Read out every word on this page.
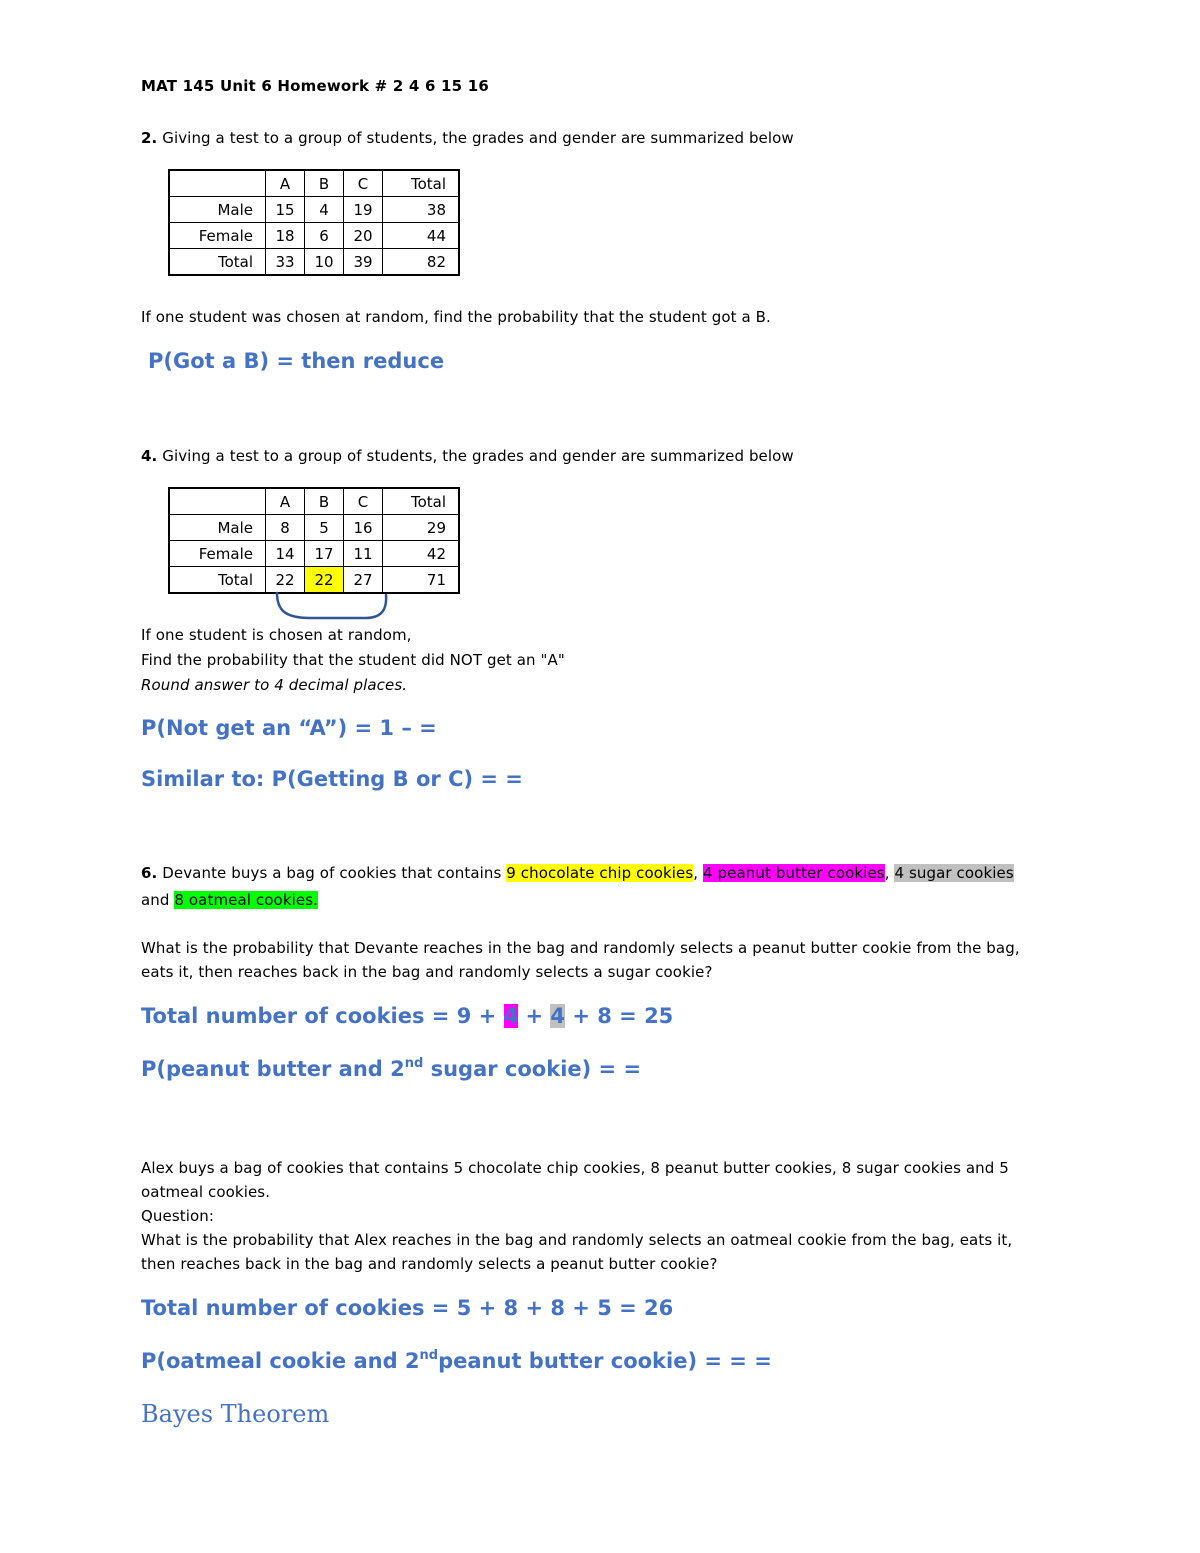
MAT 145 Unit 6 Homework # 2 4 6 15 16
2. Giving a test to a group of students, the grades and gender are summarized below
	A	B	C	Total
Male	15	4	19	38
Female	18	6	20	44
Total	33	10	39	82
If one student was chosen at random, find the probability that the student got a B.
P(Got a B) = then reduce
4. Giving a test to a group of students, the grades and gender are summarized below
	A	B	C	Total
Male	8	5	16	29
Female	14	17	11	42
Total	22	22	27	71
If one student is chosen at random,
Find the probability that the student did NOT get an "A"
Round answer to 4 decimal places.
P(Not get an “A”) = 1 – =
Similar to: P(Getting B or C) = =
6. Devante buys a bag of cookies that contains 9 chocolate chip cookies, 4 peanut butter cookies, 4 sugar cookies
and 8 oatmeal cookies.
What is the probability that Devante reaches in the bag and randomly selects a peanut butter cookie from the bag,
eats it, then reaches back in the bag and randomly selects a sugar cookie?
Total number of cookies = 9 + 4 + 4 + 8 = 25
P(peanut butter and 2nd sugar cookie) = =
Alex buys a bag of cookies that contains 5 chocolate chip cookies, 8 peanut butter cookies, 8 sugar cookies and 5
oatmeal cookies.
Question:
What is the probability that Alex reaches in the bag and randomly selects an oatmeal cookie from the bag, eats it,
then reaches back in the bag and randomly selects a peanut butter cookie?
Total number of cookies = 5 + 8 + 8 + 5 = 26
P(oatmeal cookie and 2ndpeanut butter cookie) = = =
Bayes Theorem
